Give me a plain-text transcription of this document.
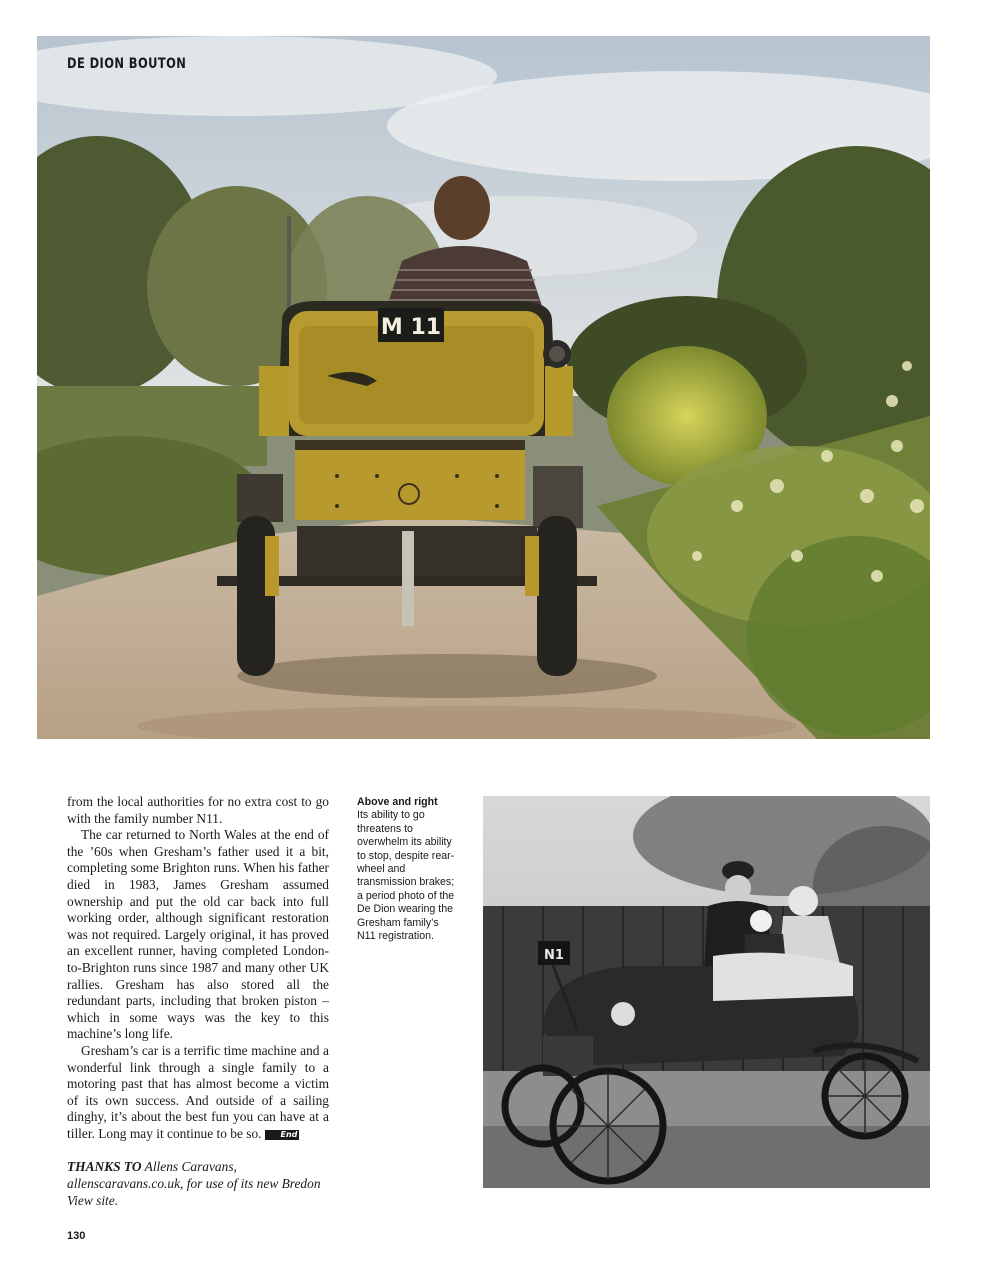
M 11

DE DION BOUTON

from the local authorities for no extra cost to go with the family number N11.

The car returned to North Wales at the end of the ’60s when Gresham’s father used it a bit, completing some Brighton runs. When his father died in 1983, James Gresham assumed ownership and put the old car back into full working order, although significant restoration was not required. Largely original, it has proved an excellent runner, having completed London-to-Brighton runs since 1987 and many other UK rallies. Gresham has also stored all the redundant parts, including that broken piston – which in some ways was the key to this machine’s long life.

Gresham’s car is a terrific time machine and a wonderful link through a single family to a motoring past that has almost become a victim of its own success. And outside of a sailing dinghy, it’s about the best fun you can have at a tiller. Long may it continue to be so. End

THANKS TO Allens Caravans, allenscaravans.co.uk, for use of its new Bredon View site.

Above and right
Its ability to go threatens to overwhelm its ability to stop, despite rear-wheel and transmission brakes; a period photo of the De Dion wearing the Gresham family’s N11 registration.
N1

130
